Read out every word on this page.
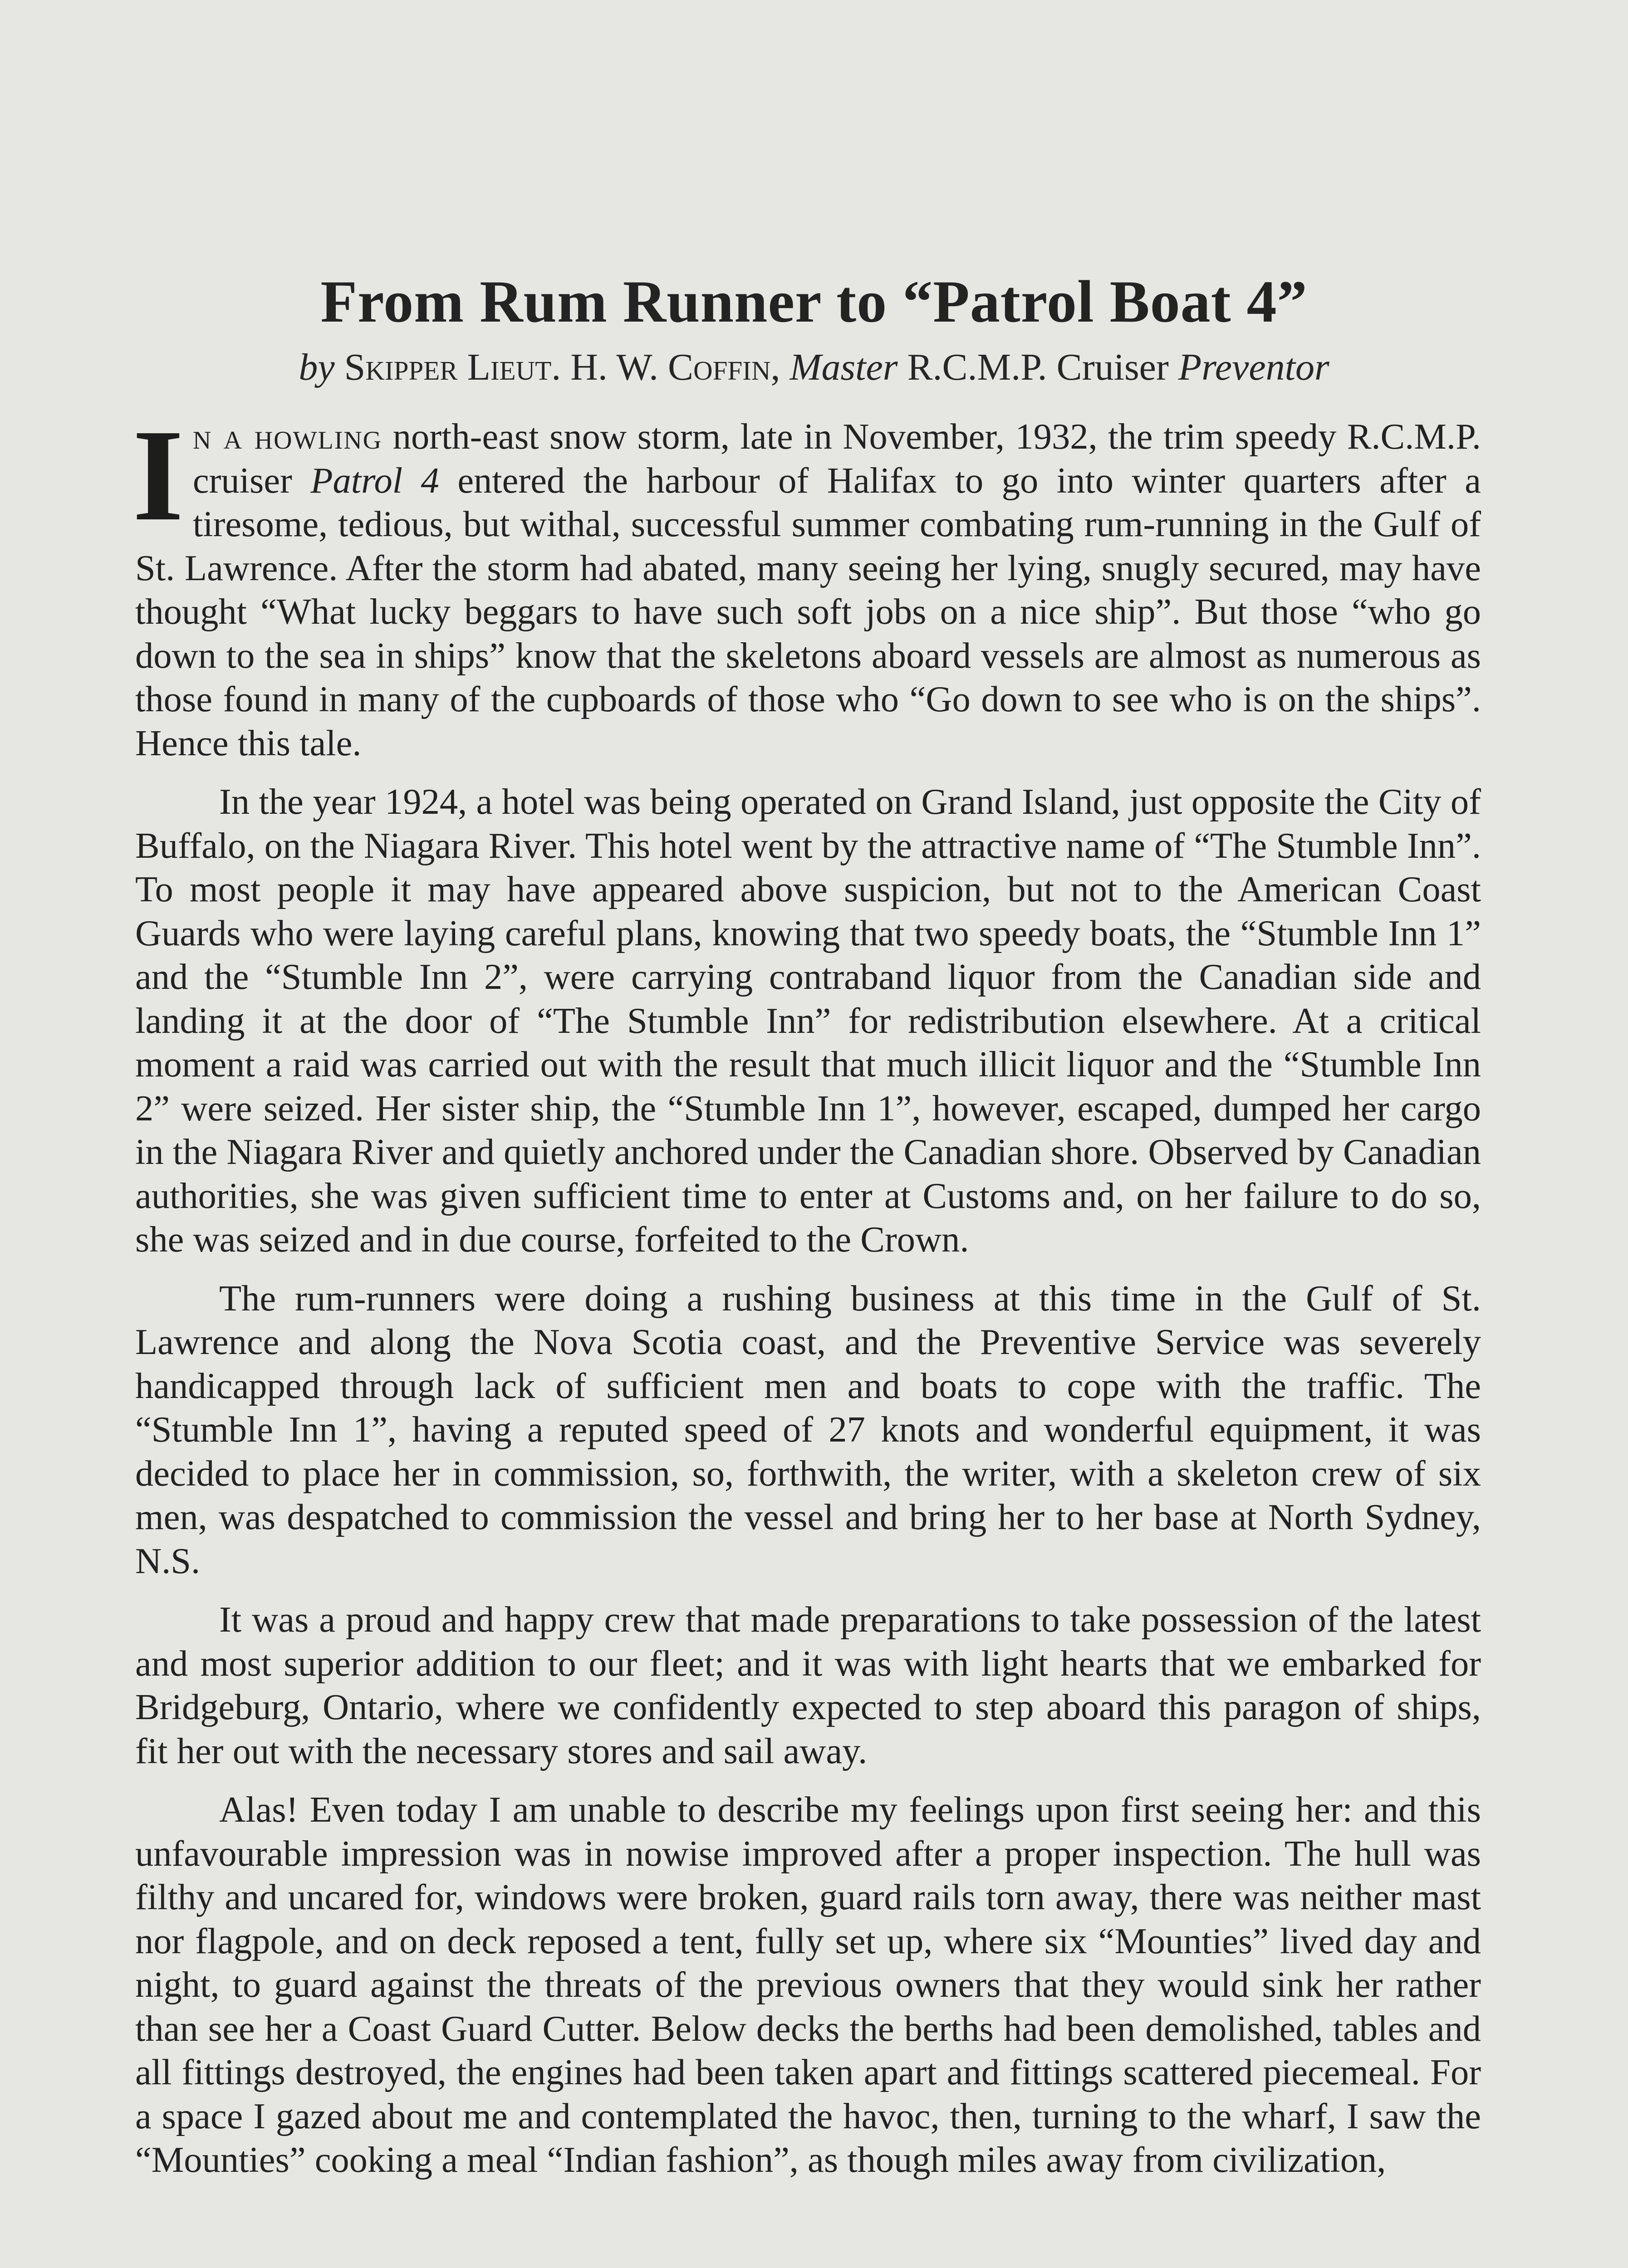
From Rum Runner to “Patrol Boat 4”
by Skipper Lieut. H. W. Coffin, Master R.C.M.P. Cruiser Preventor

In a howling north-east snow storm, late in November, 1932, the trim speedy R.C.M.P. cruiser Patrol 4 entered the harbour of Halifax to go into winter quarters after a tiresome, tedious, but withal, successful summer combating rum-running in the Gulf of St. Lawrence. After the storm had abated, many seeing her lying, snugly secured, may have thought “What lucky beggars to have such soft jobs on a nice ship”. But those “who go down to the sea in ships” know that the skeletons aboard vessels are almost as numerous as those found in many of the cupboards of those who “Go down to see who is on the ships”. Hence this tale.

In the year 1924, a hotel was being operated on Grand Island, just opposite the City of Buffalo, on the Niagara River. This hotel went by the attractive name of “The Stumble Inn”. To most people it may have appeared above suspicion, but not to the American Coast Guards who were laying careful plans, knowing that two speedy boats, the “Stumble Inn 1” and the “Stumble Inn 2”, were carrying contraband liquor from the Canadian side and landing it at the door of “The Stumble Inn” for redistribution elsewhere. At a critical moment a raid was carried out with the result that much illicit liquor and the “Stumble Inn 2” were seized. Her sister ship, the “Stumble Inn 1”, however, escaped, dumped her cargo in the Niagara River and quietly anchored under the Canadian shore. Observed by Canadian authorities, she was given sufficient time to enter at Customs and, on her failure to do so, she was seized and in due course, forfeited to the Crown.

The rum-runners were doing a rushing business at this time in the Gulf of St. Lawrence and along the Nova Scotia coast, and the Preventive Service was severely handicapped through lack of sufficient men and boats to cope with the traffic. The “Stumble Inn 1”, having a reputed speed of 27 knots and wonderful equipment, it was decided to place her in commission, so, forthwith, the writer, with a skeleton crew of six men, was despatched to commission the vessel and bring her to her base at North Sydney, N.S.

It was a proud and happy crew that made preparations to take possession of the latest and most superior addition to our fleet; and it was with light hearts that we embarked for Bridgeburg, Ontario, where we confidently expected to step aboard this paragon of ships, fit her out with the necessary stores and sail away.

Alas! Even today I am unable to describe my feelings upon first seeing her: and this unfavourable impression was in nowise improved after a proper inspection. The hull was filthy and uncared for, windows were broken, guard rails torn away, there was neither mast nor flagpole, and on deck reposed a tent, fully set up, where six “Mounties” lived day and night, to guard against the threats of the previous owners that they would sink her rather than see her a Coast Guard Cutter. Below decks the berths had been demolished, tables and all fittings destroyed, the engines had been taken apart and fittings scattered piecemeal. For a space I gazed about me and contemplated the havoc, then, turning to the wharf, I saw the “Mounties” cooking a meal “Indian fashion”, as though miles away from civilization,
